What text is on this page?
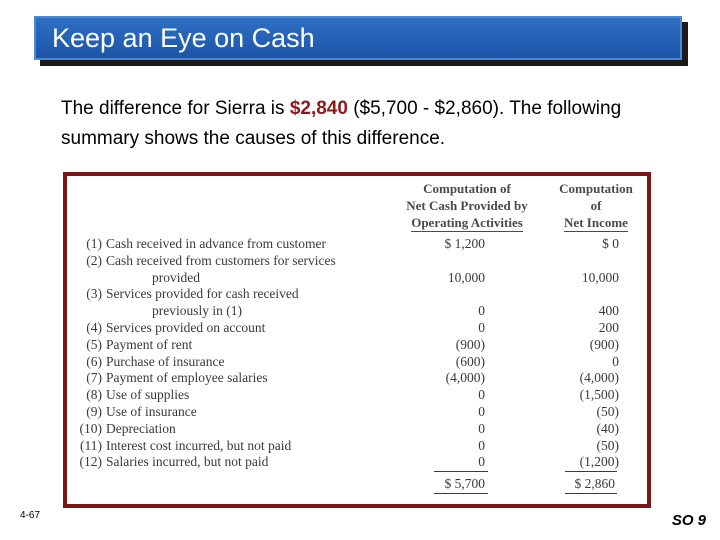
Keep an Eye on Cash
The difference for Sierra is $2,840 ($5,700 - $2,860). The following summary shows the causes of this difference.
Computation of
Net Cash Provided by
Operating Activities
Computation
of
Net Income
(1) Cash received in advance from customer	$ 1,200	$ 0
(2) Cash received from customers for services
provided	10,000	10,000
(3) Services provided for cash received
previously in (1)	0	400
(4) Services provided on account	0	200
(5) Payment of rent	(900)	(900)
(6) Purchase of insurance	(600)	0
(7) Payment of employee salaries	(4,000)	(4,000)
(8) Use of supplies	0	(1,500)
(9) Use of insurance	0	(50)
(10) Depreciation	0	(40)
(11) Interest cost incurred, but not paid	0	(50)
(12) Salaries incurred, but not paid	0	(1,200)
$ 5,700	$ 2,860
4-67	SO 9
